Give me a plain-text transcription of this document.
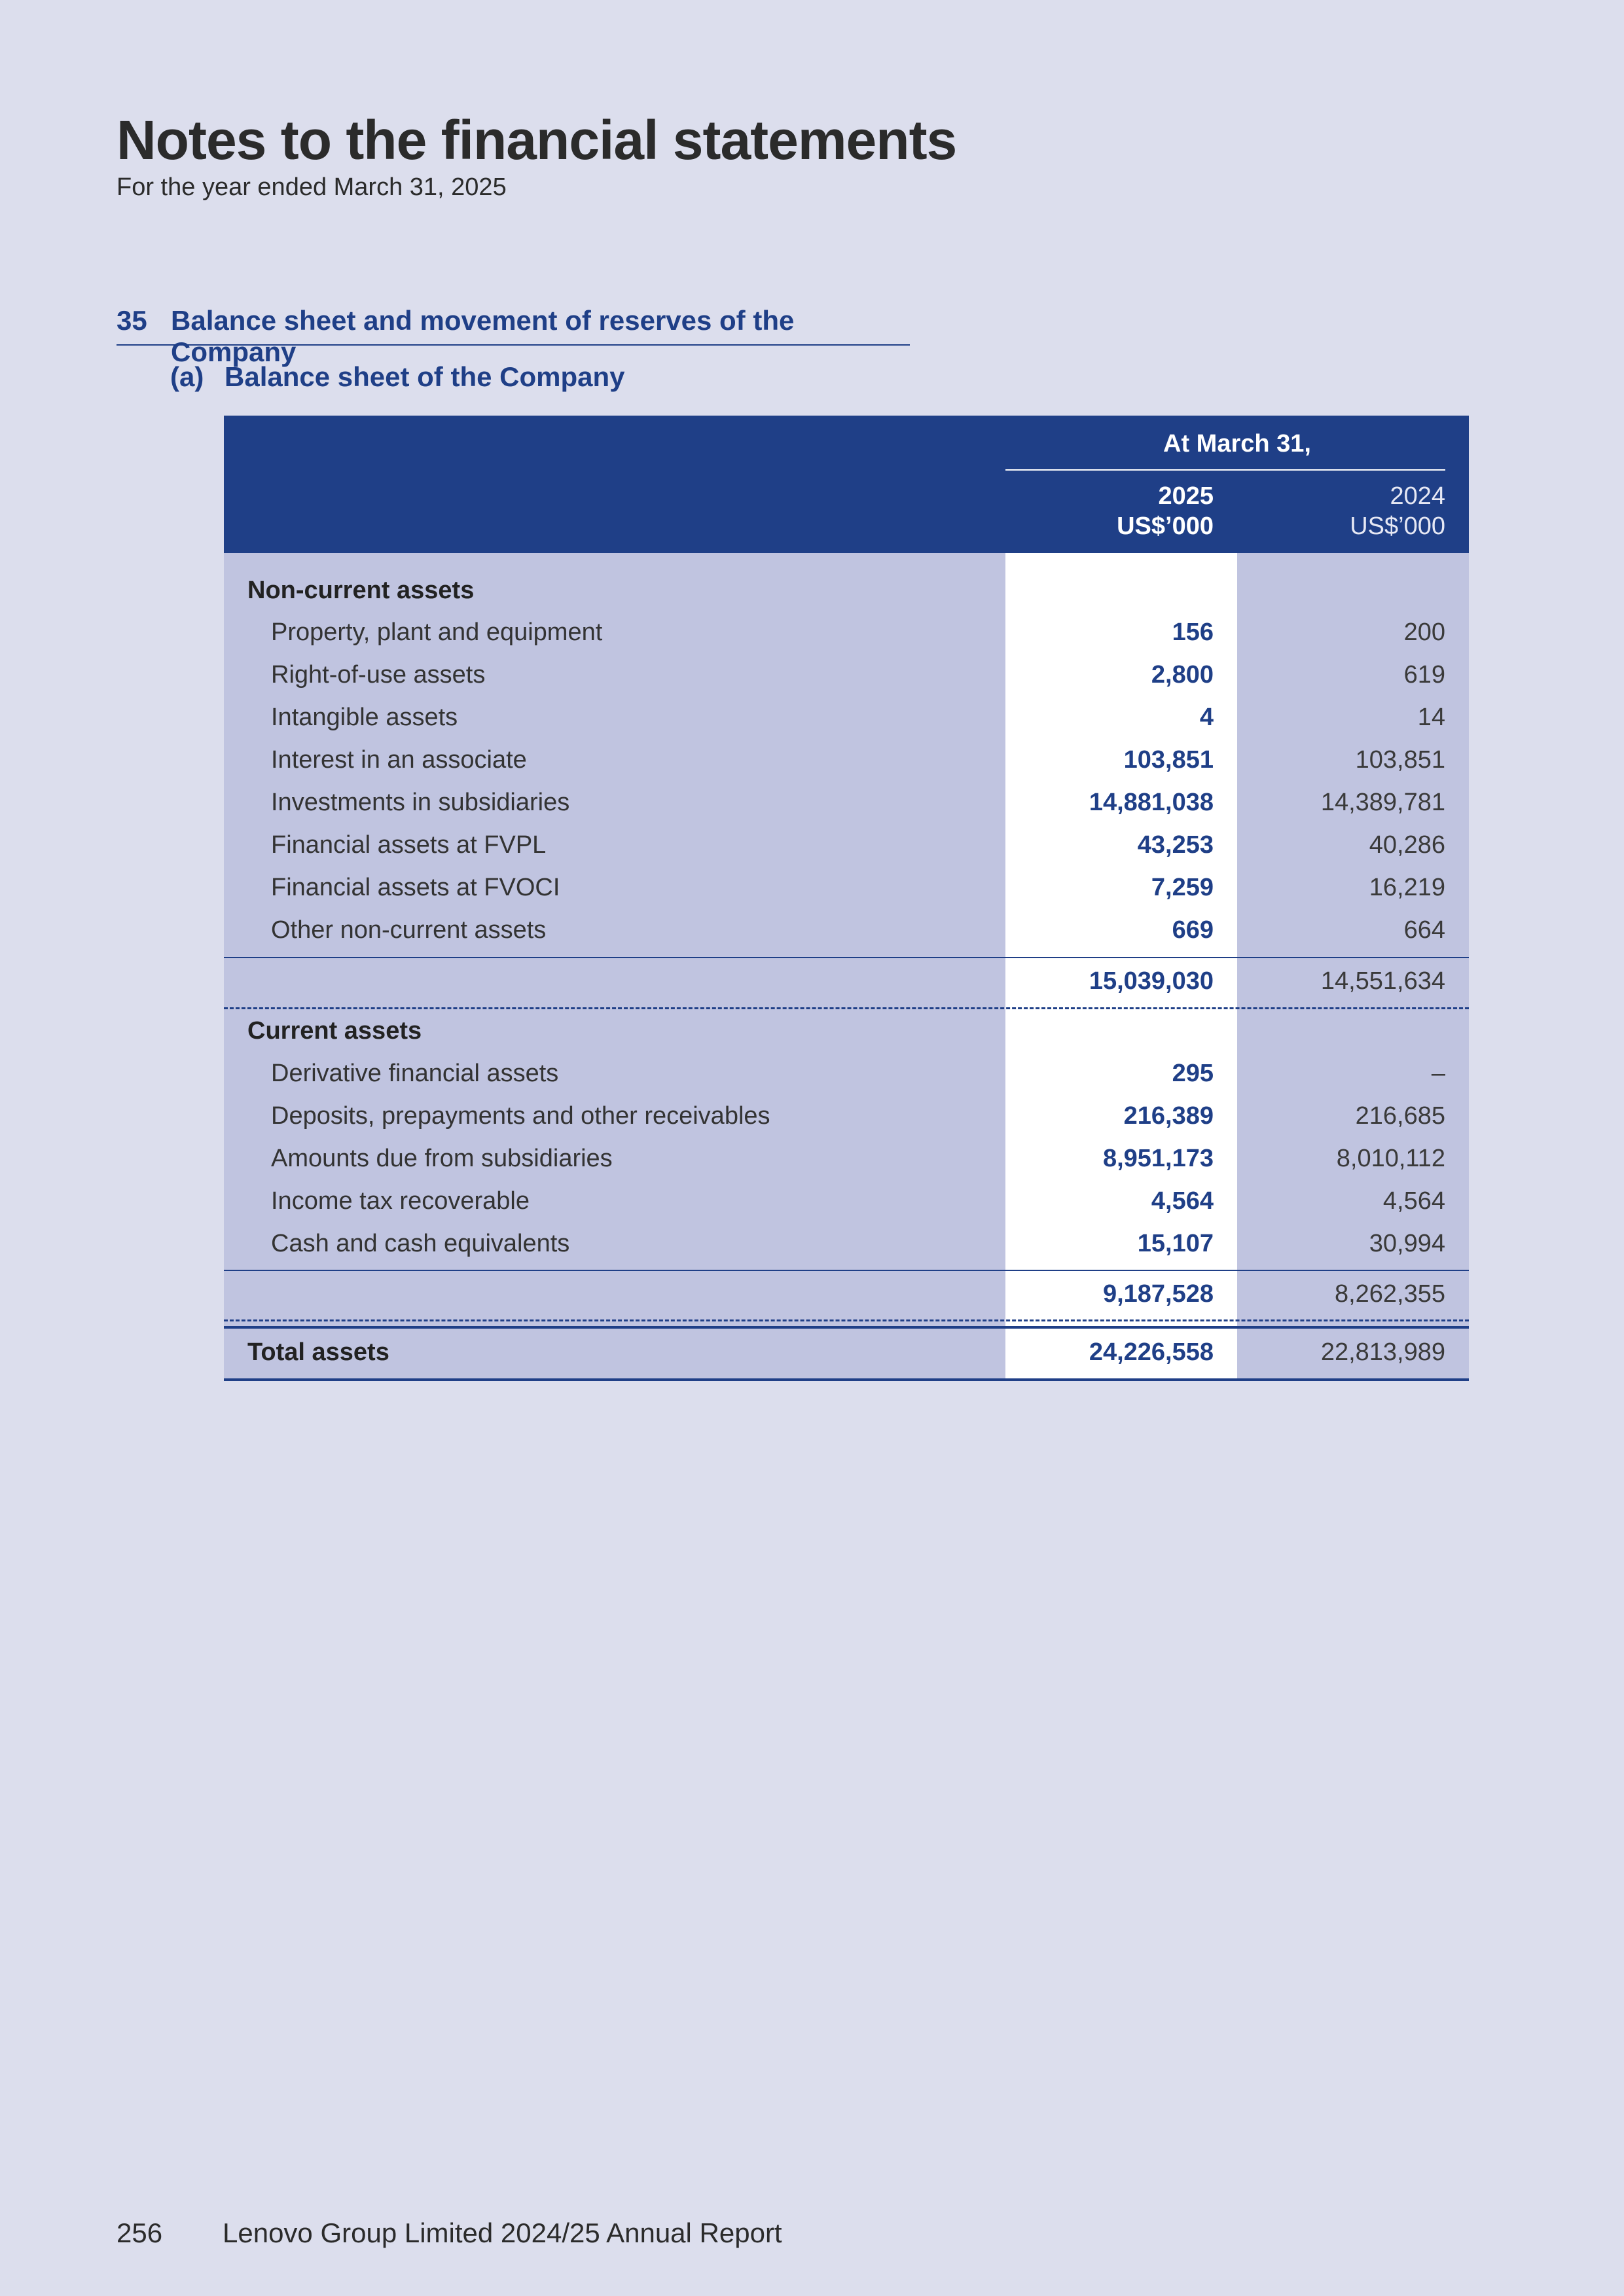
Notes to the financial statements
For the year ended March 31, 2025
35 Balance sheet and movement of reserves of the Company
(a) Balance sheet of the Company
At March 31,
2025
US$’000
2024
US$’000
Non-current assets
Property, plant and equipment	156	200
Right-of-use assets	2,800	619
Intangible assets	4	14
Interest in an associate	103,851	103,851
Investments in subsidiaries	14,881,038	14,389,781
Financial assets at FVPL	43,253	40,286
Financial assets at FVOCI	7,259	16,219
Other non-current assets	669	664
15,039,030	14,551,634
Current assets
Derivative financial assets	295	–
Deposits, prepayments and other receivables	216,389	216,685
Amounts due from subsidiaries	8,951,173	8,010,112
Income tax recoverable	4,564	4,564
Cash and cash equivalents	15,107	30,994
9,187,528	8,262,355
Total assets	24,226,558	22,813,989
256 Lenovo Group Limited 2024/25 Annual Report
